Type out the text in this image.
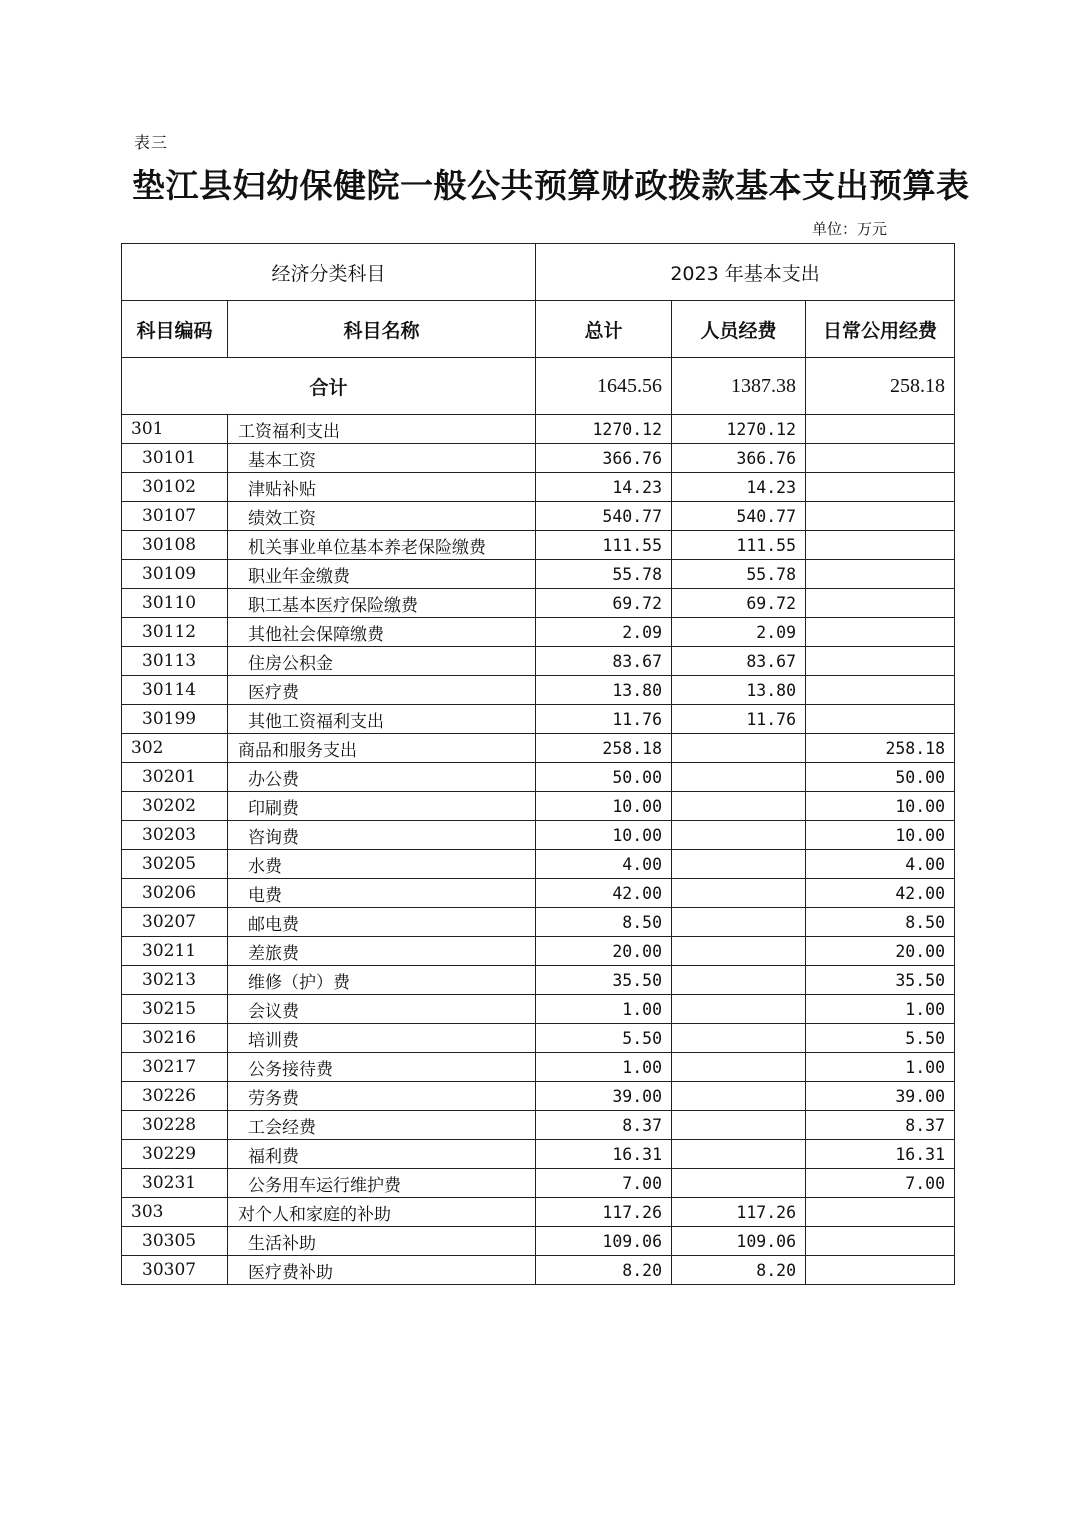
表三
垫江县妇幼保健院一般公共预算财政拨款基本支出预算表
单位：万元
经济分类科目		2023 年基本支出		
科目编码	科目名称	总计	人员经费	日常公用经费
合计		1645.56	1387.38	258.18
301	工资福利支出	1270.12	1270.12	
30101	基本工资	366.76	366.76	
30102	津贴补贴	14.23	14.23	
30107	绩效工资	540.77	540.77	
30108	机关事业单位基本养老保险缴费	111.55	111.55	
30109	职业年金缴费	55.78	55.78	
30110	职工基本医疗保险缴费	69.72	69.72	
30112	其他社会保障缴费	2.09	2.09	
30113	住房公积金	83.67	83.67	
30114	医疗费	13.80	13.80	
30199	其他工资福利支出	11.76	11.76	
302	商品和服务支出	258.18		258.18
30201	办公费	50.00		50.00
30202	印刷费	10.00		10.00
30203	咨询费	10.00		10.00
30205	水费	4.00		4.00
30206	电费	42.00		42.00
30207	邮电费	8.50		8.50
30211	差旅费	20.00		20.00
30213	维修（护）费	35.50		35.50
30215	会议费	1.00		1.00
30216	培训费	5.50		5.50
30217	公务接待费	1.00		1.00
30226	劳务费	39.00		39.00
30228	工会经费	8.37		8.37
30229	福利费	16.31		16.31
30231	公务用车运行维护费	7.00		7.00
303	对个人和家庭的补助	117.26	117.26	
30305	生活补助	109.06	109.06	
30307	医疗费补助	8.20	8.20	
